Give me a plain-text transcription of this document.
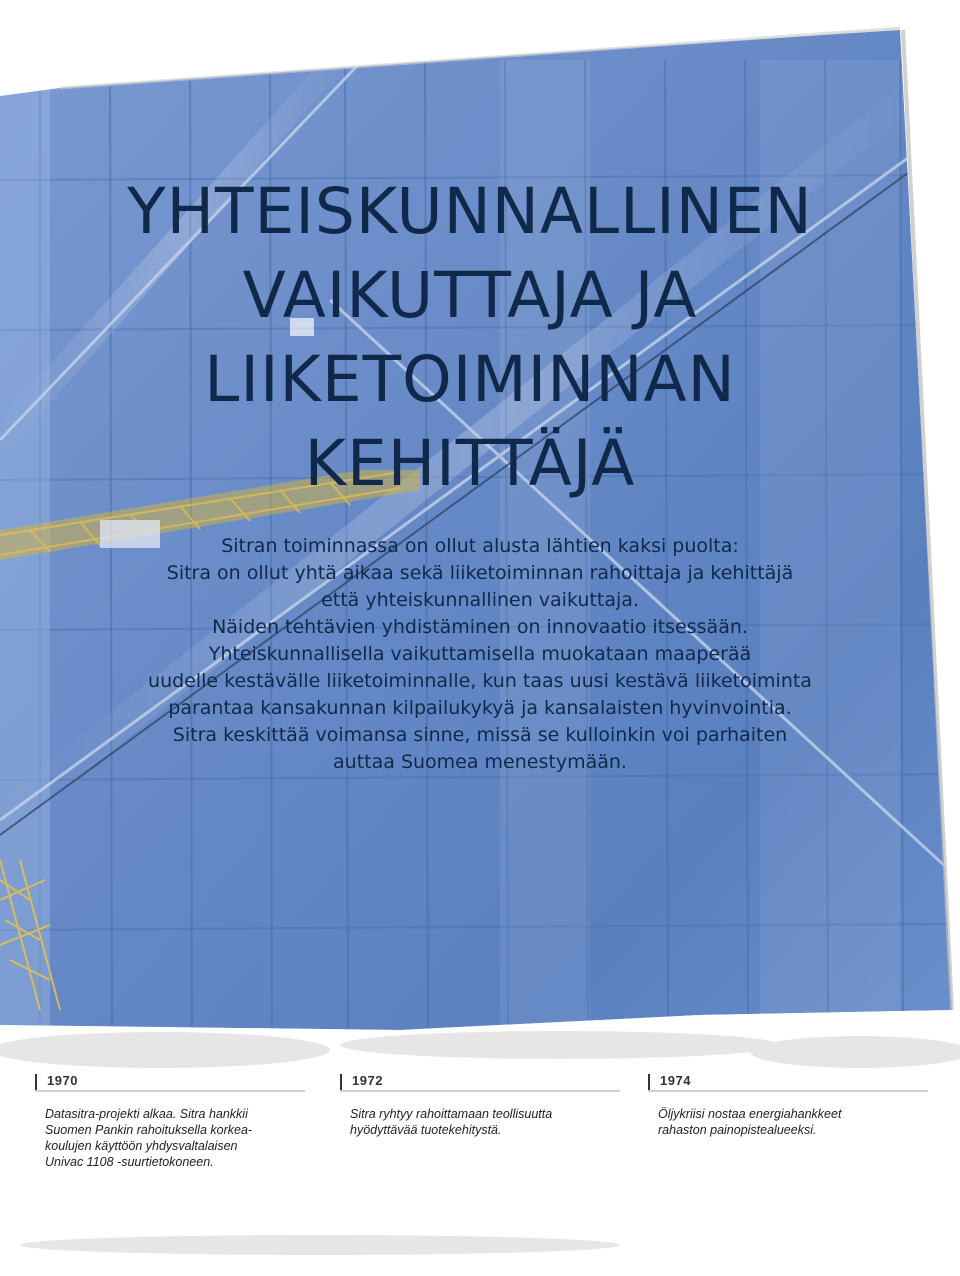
YHTEISKUNNALLINEN
VAIKUTTAJA JA
LIIKETOIMINNAN
KEHITTÄJÄ

Sitran toiminnassa on ollut alusta lähtien kaksi puolta:
Sitra on ollut yhtä aikaa sekä liiketoiminnan rahoittaja ja kehittäjä
että yhteiskunnallinen vaikuttaja.
Näiden tehtävien yhdistäminen on innovaatio itsessään.
Yhteiskunnallisella vaikuttamisella muokataan maaperää
uudelle kestävälle liiketoiminnalle, kun taas uusi kestävä liiketoiminta
parantaa kansakunnan kilpailukykyä ja kansalaisten hyvinvointia.
Sitra keskittää voimansa sinne, missä se kulloinkin voi parhaiten
auttaa Suomea menestymään.

1970

Datasitra-projekti alkaa. Sitra hankkii
Suomen Pankin rahoituksella korkea-
koulujen käyttöön yhdysvaltalaisen
Univac 1108 -suurtietokoneen.

1972

Sitra ryhtyy rahoittamaan teollisuutta
hyödyttävää tuotekehitystä.

1974

Öljykriisi nostaa energiahankkeet
rahaston painopistealueeksi.
